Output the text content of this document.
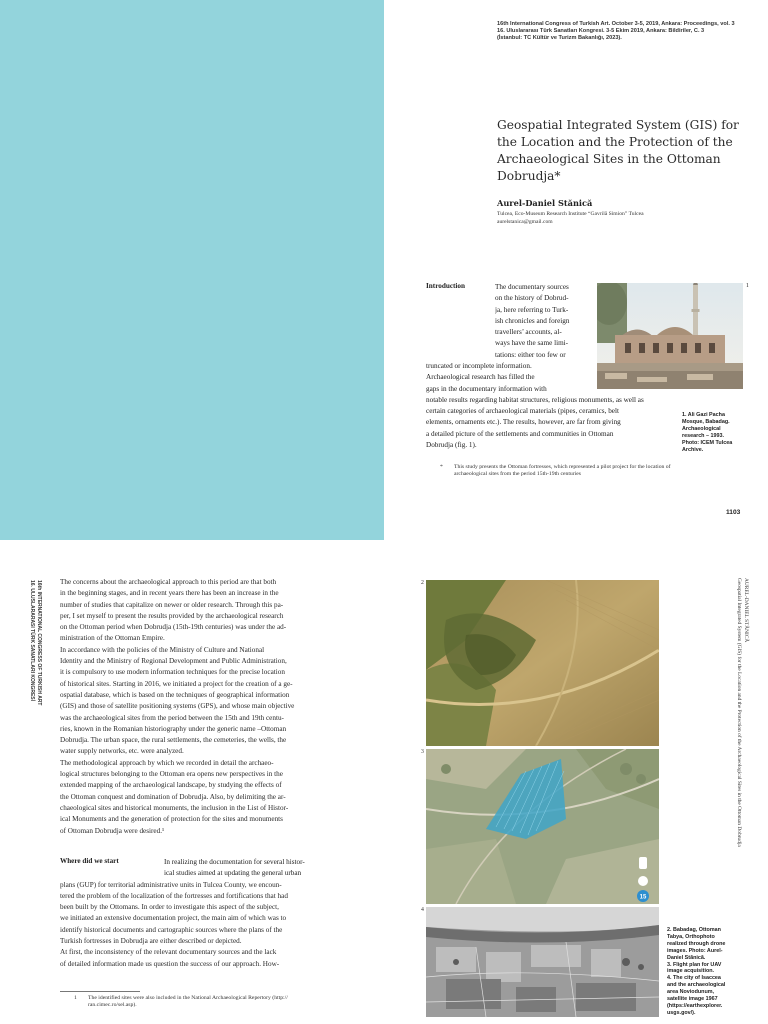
16th International Congress of Turkish Art. October 3-5, 2019, Ankara: Proceedings, vol. 3
16. Uluslararası Türk Sanatları Kongresi. 3-5 Ekim 2019, Ankara: Bildiriler, C. 3
(İstanbul: TC Kültür ve Turizm Bakanlığı, 2023).
Geospatial Integrated System (GIS) for the Location and the Protection of the Archaeological Sites in the Ottoman Dobrudja*
Aurel-Daniel Stănică
Tulcea, Eco-Museum Research Institute “Gavrilă Simion” Tulcea
aurelstanica@gmail.com
Introduction	The documentary sources
on the history of Dobrud-
ja, here referring to Turk-
ish chronicles and foreign
travellers’ accounts, al-
ways have the same limi-
tations: either too few or
truncated or incomplete information.
Archaeological research has filled the
gaps in the documentary information with
notable results regarding habitat structures, religious monuments, as well as
certain categories of archaeological materials (pipes, ceramics, belt
elements, ornaments etc.). The results, however, are far from giving
a detailed picture of the settlements and communities in Ottoman
Dobrudja (fig. 1).
1
1. Ali Gazi Pacha
Mosque, Babadag.
Archaeological
research – 1993.
Photo: ICEM Tulcea
Archive.
* This study presents the Ottoman fortresses, which represented a pilot project for the location of archaeological sites from the period 15th-19th centuries
1103
16th INTERNATIONAL CONGRESS OF TURKISH ART
16. ULUSLARARASI TÜRK SANATLARI KONGRESİ	The concerns about the archaeological approach to this period are that both
in the beginning stages, and in recent years there has been an increase in the
number of studies that capitalize on newer or older research. Through this pa-
per, I set myself to present the results provided by the archaeological research
on the Ottoman period when Dobrudja (15th-19th centuries) was under the ad-
ministration of the Ottoman Empire.
In accordance with the policies of the Ministry of Culture and National
Identity and the Ministry of Regional Development and Public Administration,
it is compulsory to use modern information techniques for the precise location
of historical sites. Starting in 2016, we initiated a project for the creation of a ge-
ospatial database, which is based on the techniques of geographical information
(GIS) and those of satellite positioning systems (GPS), and whose main objective
was the archaeological sites from the period between the 15th and 19th centu-
ries, known in the Romanian historiography under the generic name –Ottoman
Dobrudja. The urban space, the rural settlements, the cemeteries, the wells, the
water supply networks, etc. were analyzed.
The methodological approach by which we recorded in detail the archaeo-
logical structures belonging to the Ottoman era opens new perspectives in the
extended mapping of the archaeological landscape, by studying the effects of
the Ottoman conquest and domination of Dobrudja. Also, by delimiting the ar-
chaeological sites and historical monuments, the inclusion in the List of Histor-
ical Monuments and the generation of protection for the sites and monuments
of Ottoman Dobrudja were desired.¹
Where did we start	In realizing the documentation for several histor-
ical studies aimed at updating the general urban
plans (GUP) for territorial administrative units in Tulcea County, we encoun-
tered the problem of the localization of the fortresses and fortifications that had
been built by the Ottomans. In order to investigate this aspect of the subject,
we initiated an extensive documentation project, the main aim of which was to
identify historical documents and cartographic sources where the plans of the
Turkish fortresses in Dobrudja are either described or depicted.
At first, the inconsistency of the relevant documentary sources and the lack
of detailed information made us question the success of our approach. How-
1 The identified sites were also included in the National Archaeological Repertory (http://
ran.cimec.ro/sel.asp).
2
3
4
15
2. Babadag, Ottoman
Tabya, Orthophoto
realized through drone
images. Photo: Aurel-
Daniel Stănică.
3. Flight plan for UAV
image acquisition.
4. The city of Isaccea
and the archaeological
area Noviodunum,
satellite image 1967
(https://earthexplorer.
usgs.gov/).
AUREL-DANIEL STĂNICĂ
Geospatial Integrated System (GIS) for the Location and the Protection of the Archaeological Sites in the Ottoman Dobrudja
